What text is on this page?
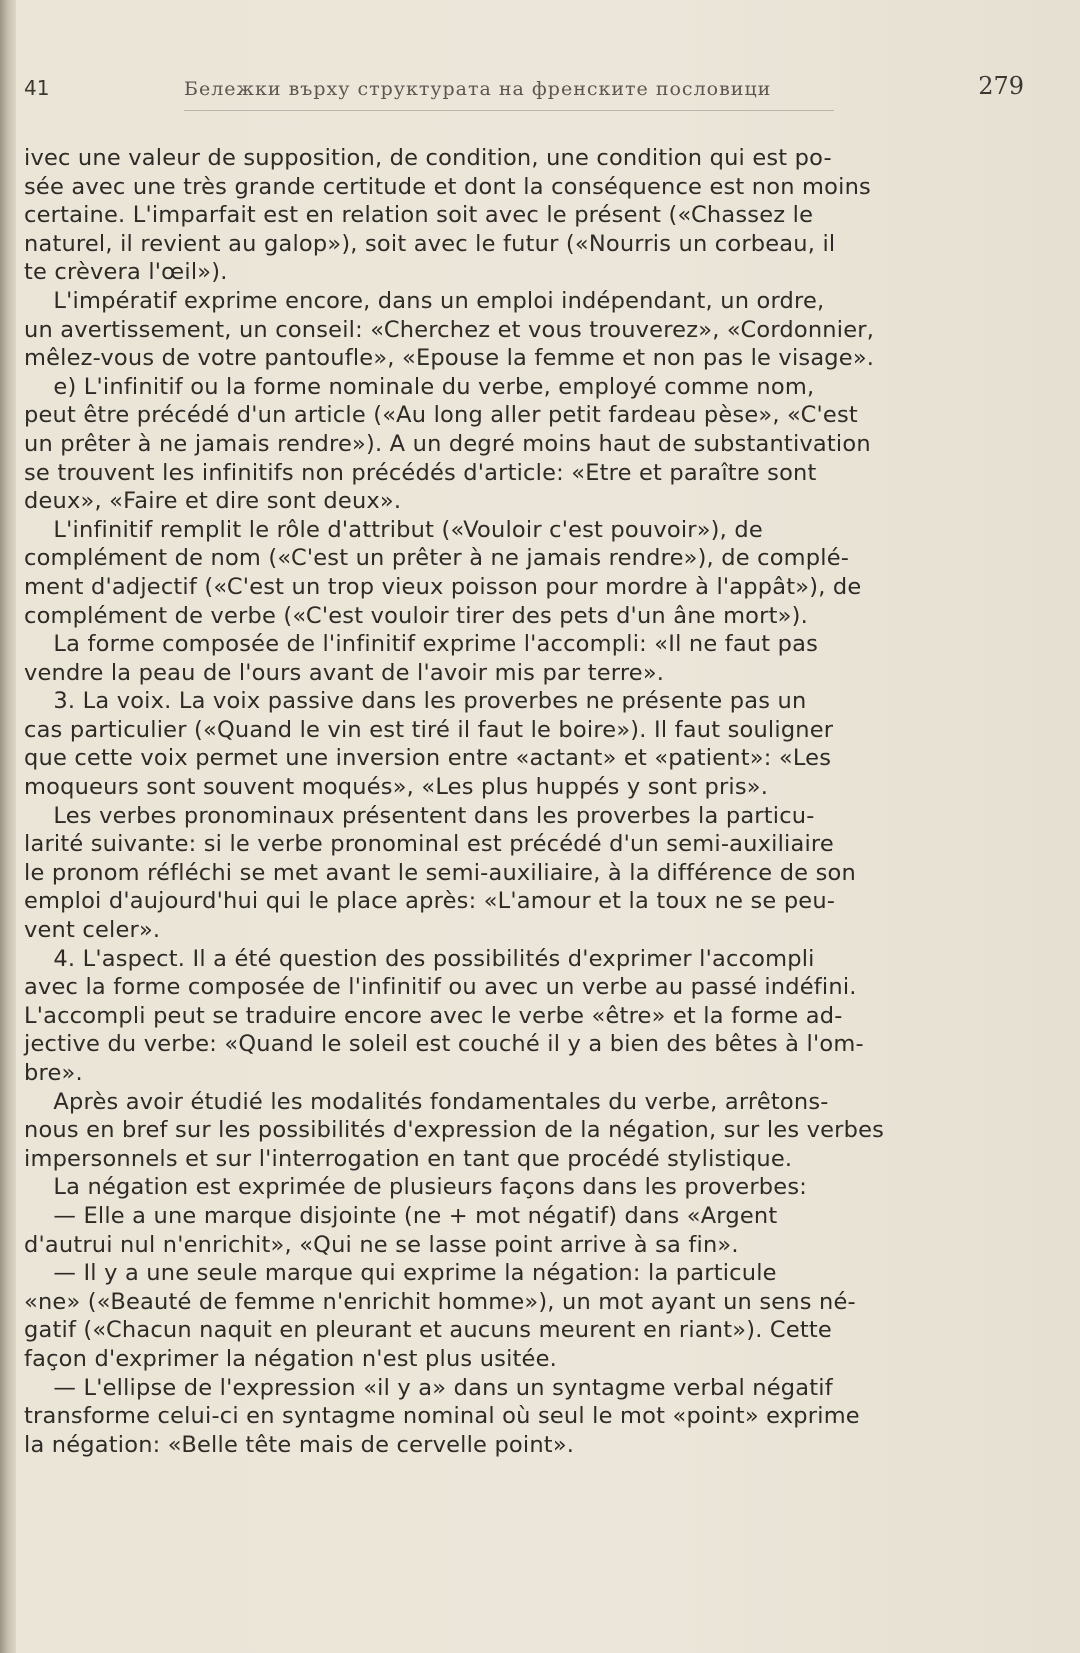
41	Бележки върху структурата на френските пословици	279
ivec une valeur de supposition, de condition, une condition qui est po-
sée avec une très grande certitude et dont la conséquence est non moins
certaine. L'imparfait est en relation soit avec le présent («Chassez le
naturel, il revient au galop»), soit avec le futur («Nourris un corbeau, il
te crèvera l'œil»).
L'impératif exprime encore, dans un emploi indépendant, un ordre,
un avertissement, un conseil: «Cherchez et vous trouverez», «Cordonnier,
mêlez-vous de votre pantoufle», «Epouse la femme et non pas le visage».
e) L'infinitif ou la forme nominale du verbe, employé comme nom,
peut être précédé d'un article («Au long aller petit fardeau pèse», «C'est
un prêter à ne jamais rendre»). A un degré moins haut de substantivation
se trouvent les infinitifs non précédés d'article: «Etre et paraître sont
deux», «Faire et dire sont deux».
L'infinitif remplit le rôle d'attribut («Vouloir c'est pouvoir»), de
complément de nom («C'est un prêter à ne jamais rendre»), de complé-
ment d'adjectif («C'est un trop vieux poisson pour mordre à l'appât»), de
complément de verbe («C'est vouloir tirer des pets d'un âne mort»).
La forme composée de l'infinitif exprime l'accompli: «Il ne faut pas
vendre la peau de l'ours avant de l'avoir mis par terre».
3. La voix. La voix passive dans les proverbes ne présente pas un
cas particulier («Quand le vin est tiré il faut le boire»). Il faut souligner
que cette voix permet une inversion entre «actant» et «patient»: «Les
moqueurs sont souvent moqués», «Les plus huppés y sont pris».
Les verbes pronominaux présentent dans les proverbes la particu-
larité suivante: si le verbe pronominal est précédé d'un semi-auxiliaire
le pronom réfléchi se met avant le semi-auxiliaire, à la différence de son
emploi d'aujourd'hui qui le place après: «L'amour et la toux ne se peu-
vent celer».
4. L'aspect. Il a été question des possibilités d'exprimer l'accompli
avec la forme composée de l'infinitif ou avec un verbe au passé indéfini.
L'accompli peut se traduire encore avec le verbe «être» et la forme ad-
jective du verbe: «Quand le soleil est couché il y a bien des bêtes à l'om-
bre».
Après avoir étudié les modalités fondamentales du verbe, arrêtons-
nous en bref sur les possibilités d'expression de la négation, sur les verbes
impersonnels et sur l'interrogation en tant que procédé stylistique.
La négation est exprimée de plusieurs façons dans les proverbes:
— Elle a une marque disjointe (ne + mot négatif) dans «Argent
d'autrui nul n'enrichit», «Qui ne se lasse point arrive à sa fin».
— Il y a une seule marque qui exprime la négation: la particule
«ne» («Beauté de femme n'enrichit homme»), un mot ayant un sens né-
gatif («Chacun naquit en pleurant et aucuns meurent en riant»). Cette
façon d'exprimer la négation n'est plus usitée.
— L'ellipse de l'expression «il y a» dans un syntagme verbal négatif
transforme celui-ci en syntagme nominal où seul le mot «point» exprime
la négation: «Belle tête mais de cervelle point».
